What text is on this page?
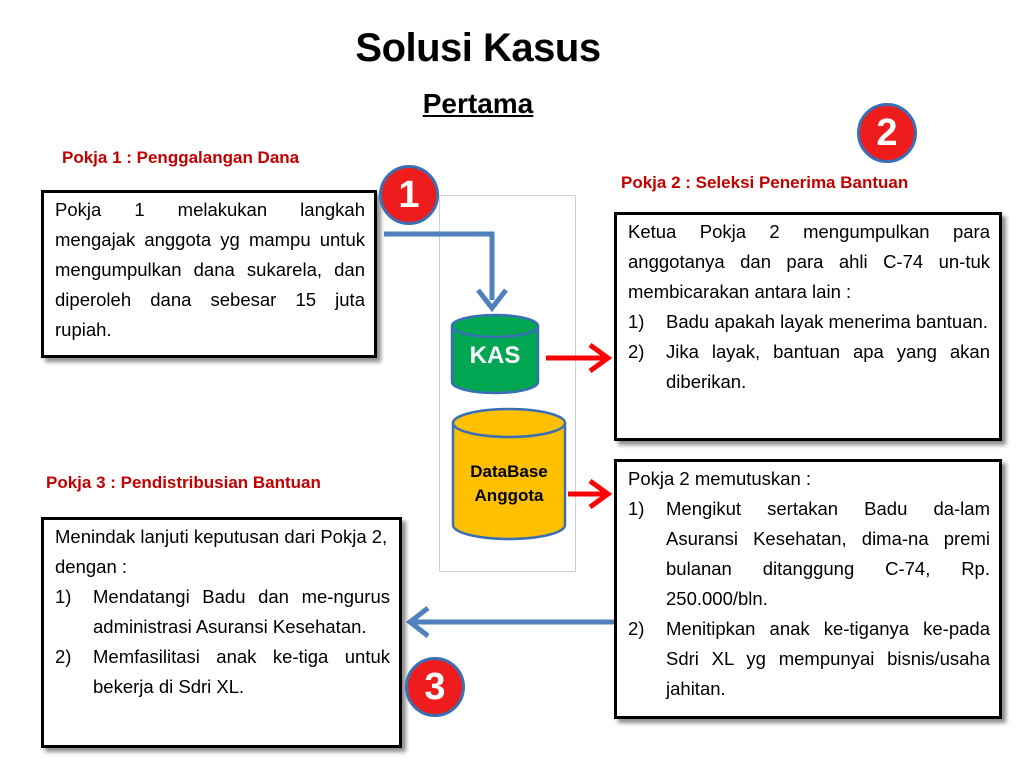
Solusi Kasus
Pertama
KAS
DataBase
Anggota
Pokja 1 : Penggalangan Dana
Pokja 1 melakukan langkah mengajak anggota yg mampu untuk mengumpulkan dana sukarela, dan diperoleh dana sebesar 15 juta rupiah.
1
2
Pokja 2 : Seleksi Penerima Bantuan
Ketua Pokja 2 mengumpulkan para anggotanya dan para ahli C-74 un-tuk membicarakan antara lain :
1) Badu apakah layak menerima bantuan.
2) Jika layak, bantuan apa yang akan diberikan.
Pokja 2 memutuskan :
1) Mengikut sertakan Badu da-lam Asuransi Kesehatan, dima-na premi bulanan ditanggung C-74, Rp. 250.000/bln.
2) Menitipkan anak ke-tiganya ke-pada Sdri XL yg mempunyai bisnis/usaha jahitan.
Pokja 3 : Pendistribusian Bantuan
Menindak lanjuti keputusan dari Pokja 2, dengan :
1) Mendatangi Badu dan me-ngurus administrasi Asuransi Kesehatan.
2) Memfasilitasi anak ke-tiga untuk bekerja di Sdri XL.	3
